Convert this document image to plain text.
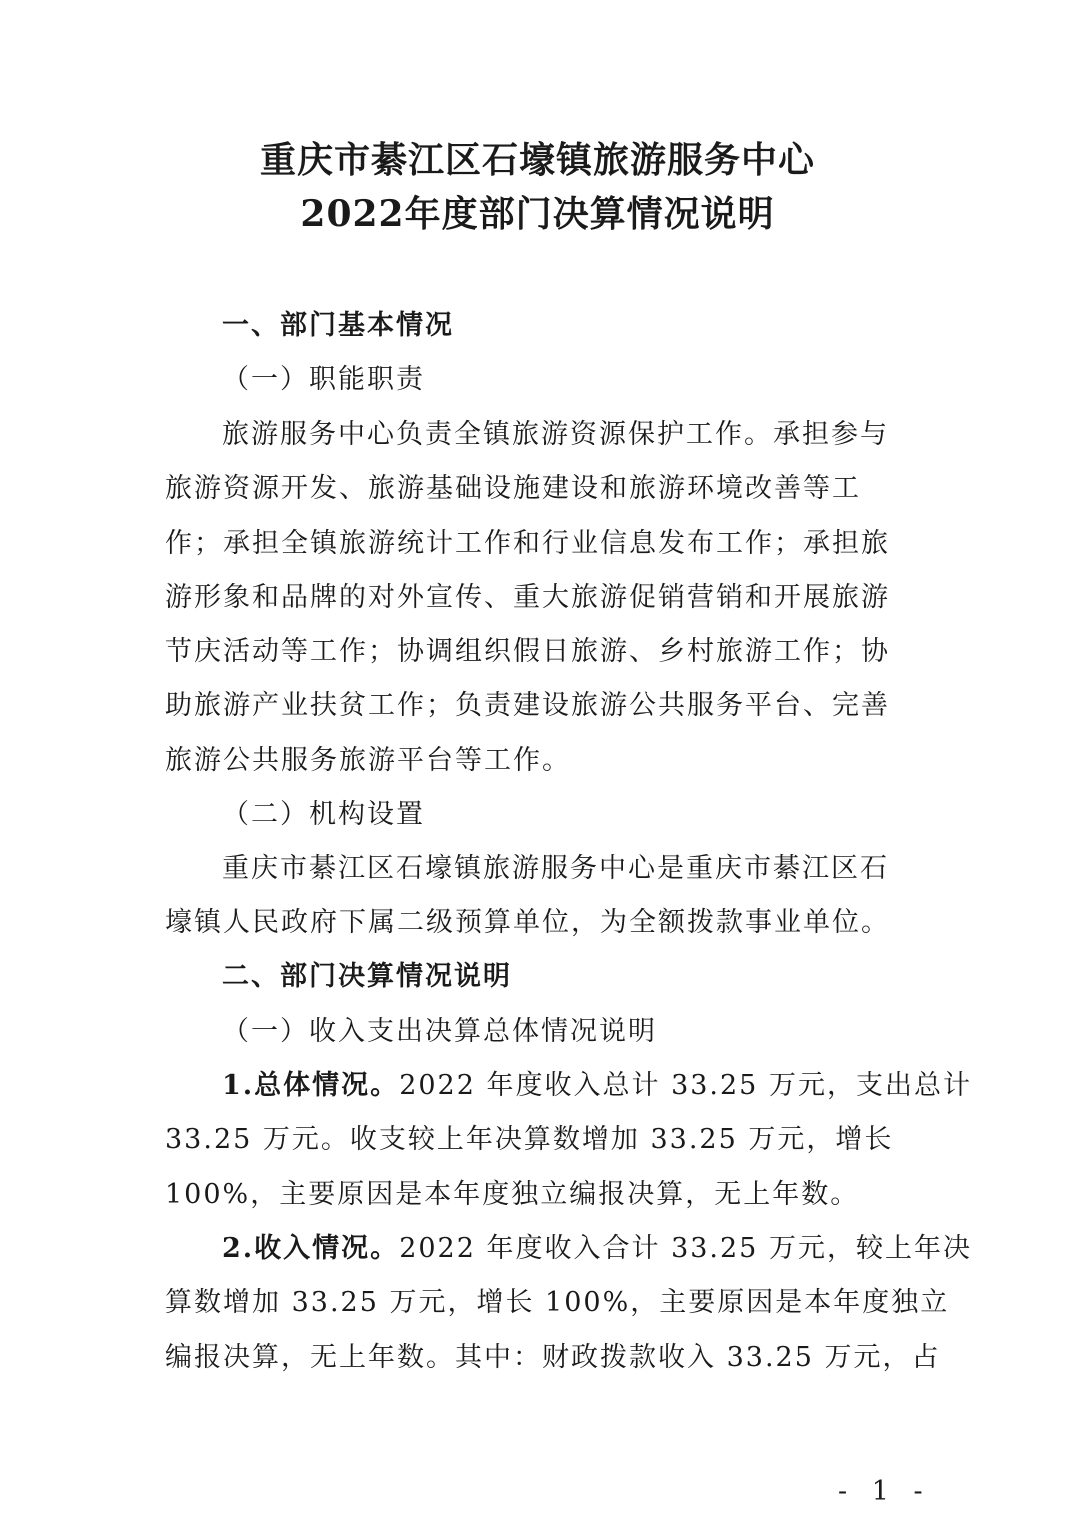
重庆市綦江区石壕镇旅游服务中心
2022年度部门决算情况说明
一、部门基本情况
（一）职能职责
旅游服务中心负责全镇旅游资源保护工作。承担参与
旅游资源开发、旅游基础设施建设和旅游环境改善等工
作；承担全镇旅游统计工作和行业信息发布工作；承担旅
游形象和品牌的对外宣传、重大旅游促销营销和开展旅游
节庆活动等工作；协调组织假日旅游、乡村旅游工作；协
助旅游产业扶贫工作；负责建设旅游公共服务平台、完善
旅游公共服务旅游平台等工作。
（二）机构设置
重庆市綦江区石壕镇旅游服务中心是重庆市綦江区石
壕镇人民政府下属二级预算单位，为全额拨款事业单位。
二、部门决算情况说明
（一）收入支出决算总体情况说明
1.总体情况。2022 年度收入总计 33.25 万元，支出总计
33.25 万元。收支较上年决算数增加 33.25 万元，增长
100%，主要原因是本年度独立编报决算，无上年数。
2.收入情况。2022 年度收入合计 33.25 万元，较上年决
算数增加 33.25 万元，增长 100%，主要原因是本年度独立
编报决算，无上年数。其中：财政拨款收入 33.25 万元，占
- 1 -
